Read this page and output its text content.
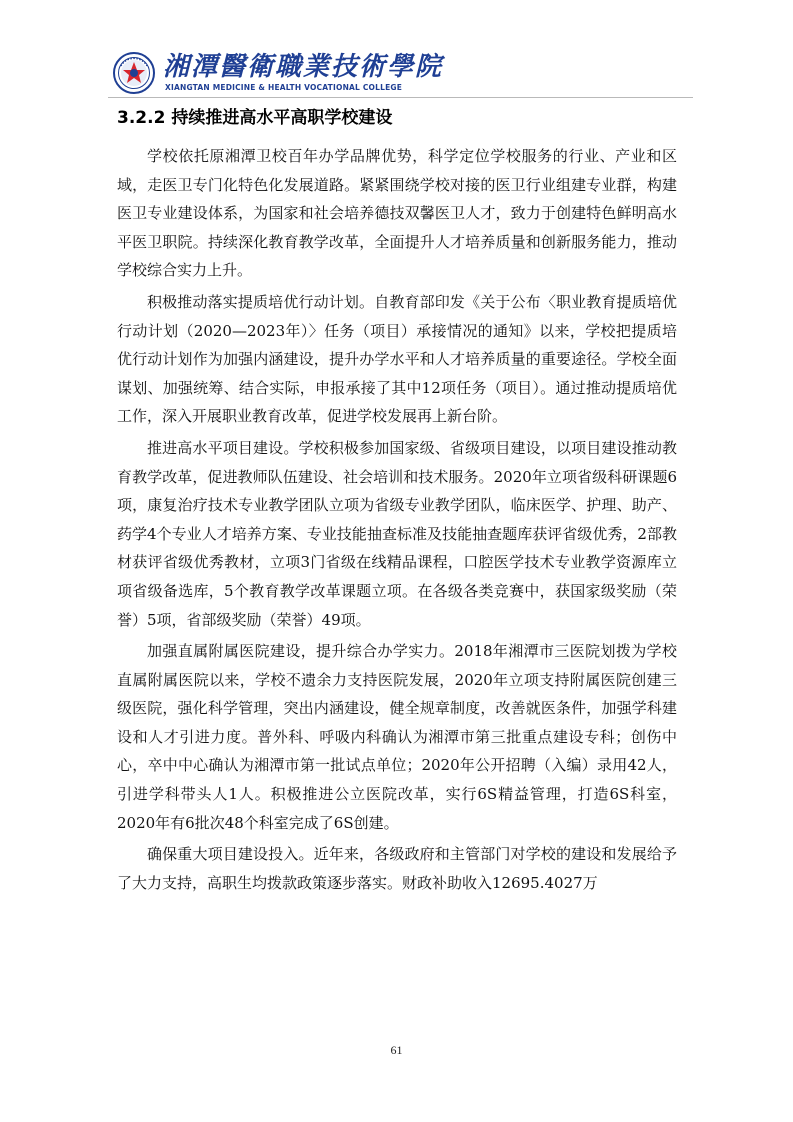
湘潭醫衛職業技術學院
XIANGTAN MEDICINE & HEALTH VOCATIONAL COLLEGE
3.2.2 持续推进高水平高职学校建设

学校依托原湘潭卫校百年办学品牌优势，科学定位学校服务的行业、产业和区域，走医卫专门化特色化发展道路。紧紧围绕学校对接的医卫行业组建专业群，构建医卫专业建设体系，为国家和社会培养德技双馨医卫人才，致力于创建特色鲜明高水平医卫职院。持续深化教育教学改革，全面提升人才培养质量和创新服务能力，推动学校综合实力上升。

积极推动落实提质培优行动计划。自教育部印发《关于公布〈职业教育提质培优行动计划（2020—2023年）〉任务（项目）承接情况的通知》以来，学校把提质培优行动计划作为加强内涵建设，提升办学水平和人才培养质量的重要途径。学校全面谋划、加强统筹、结合实际，申报承接了其中12项任务（项目）。通过推动提质培优工作，深入开展职业教育改革，促进学校发展再上新台阶。

推进高水平项目建设。学校积极参加国家级、省级项目建设，以项目建设推动教育教学改革，促进教师队伍建设、社会培训和技术服务。2020年立项省级科研课题6项，康复治疗技术专业教学团队立项为省级专业教学团队，临床医学、护理、助产、药学4个专业人才培养方案、专业技能抽查标准及技能抽查题库获评省级优秀，2部教材获评省级优秀教材，立项3门省级在线精品课程，口腔医学技术专业教学资源库立项省级备选库，5个教育教学改革课题立项。在各级各类竞赛中，获国家级奖励（荣誉）5项，省部级奖励（荣誉）49项。

加强直属附属医院建设，提升综合办学实力。2018年湘潭市三医院划拨为学校直属附属医院以来，学校不遗余力支持医院发展，2020年立项支持附属医院创建三级医院，强化科学管理，突出内涵建设，健全规章制度，改善就医条件，加强学科建设和人才引进力度。普外科、呼吸内科确认为湘潭市第三批重点建设专科；创伤中心，卒中中心确认为湘潭市第一批试点单位；2020年公开招聘（入编）录用42人，引进学科带头人1人。积极推进公立医院改革，实行6S精益管理，打造6S科室，2020年有6批次48个科室完成了6S创建。

确保重大项目建设投入。近年来，各级政府和主管部门对学校的建设和发展给予了大力支持，高职生均拨款政策逐步落实。财政补助收入12695.4027万

61
